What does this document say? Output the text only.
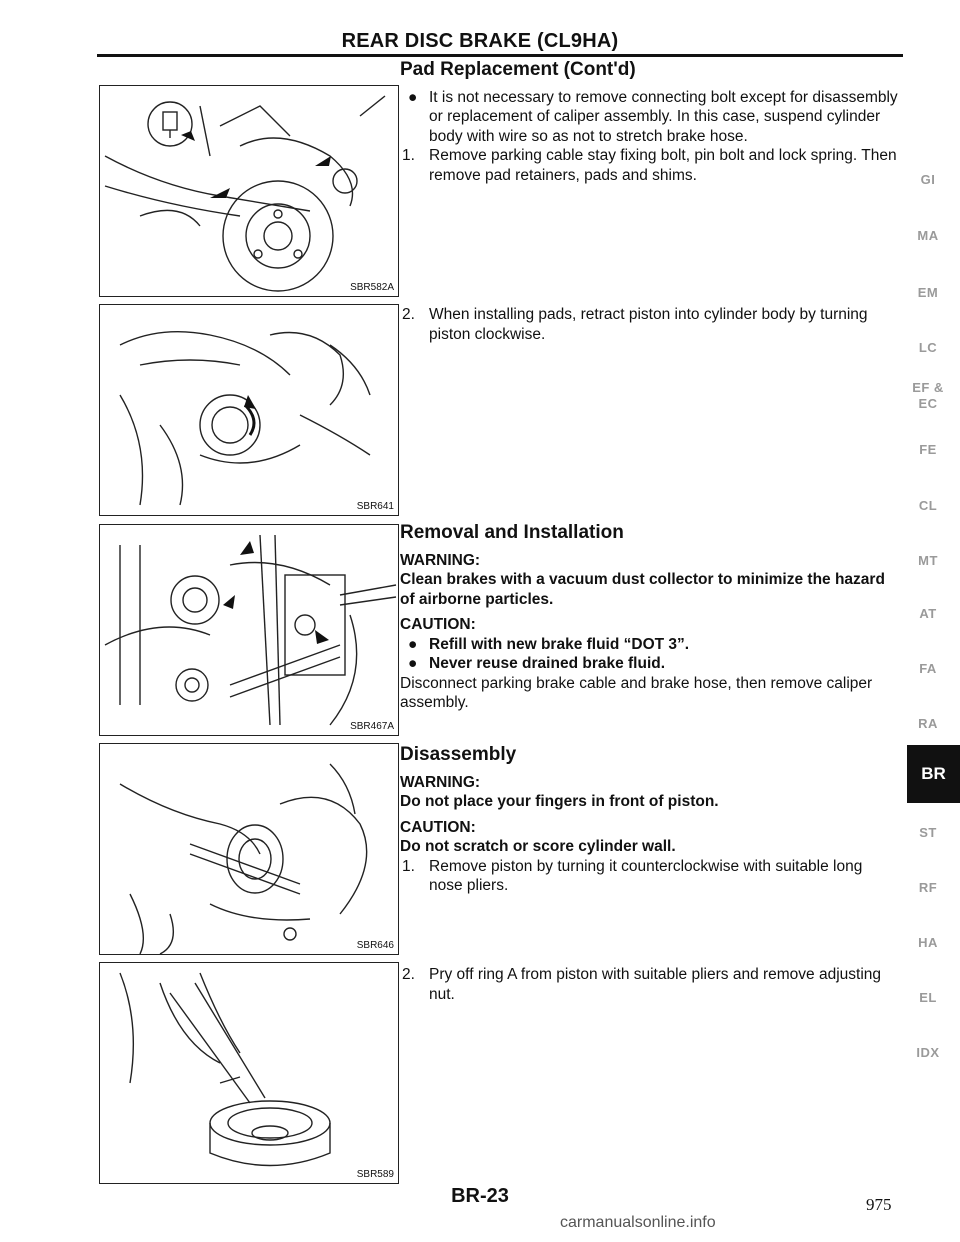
REAR DISC BRAKE (CL9HA)
SBR582A
SBR641
SBR467A
SBR646
SBR589
Pad Replacement (Cont'd)

● It is not necessary to remove connecting bolt except for disassembly or replacement of caliper assembly. In this case, suspend cylinder body with wire so as not to stretch brake hose.

1. Remove parking cable stay fixing bolt, pin bolt and lock spring. Then remove pad retainers, pads and shims.

2. When installing pads, retract piston into cylinder body by turning piston clockwise.

Removal and Installation
WARNING:
Clean brakes with a vacuum dust collector to minimize the hazard of airborne particles.
CAUTION:

● Refill with new brake fluid “DOT 3”.

● Never reuse drained brake fluid.

Disconnect parking brake cable and brake hose, then remove caliper assembly.
Disassembly
WARNING:
Do not place your fingers in front of piston.
CAUTION:
Do not scratch or score cylinder wall.

1. Remove piston by turning it counterclockwise with suitable long nose pliers.

2. Pry off ring A from piston with suitable pliers and remove adjusting nut.

GI
MA
EM
LC
EF &
EC
FE
CL
MT
AT
FA
RA
BR
ST
RF
HA
EL
IDX
BR-23	975
carmanualsonline.info
